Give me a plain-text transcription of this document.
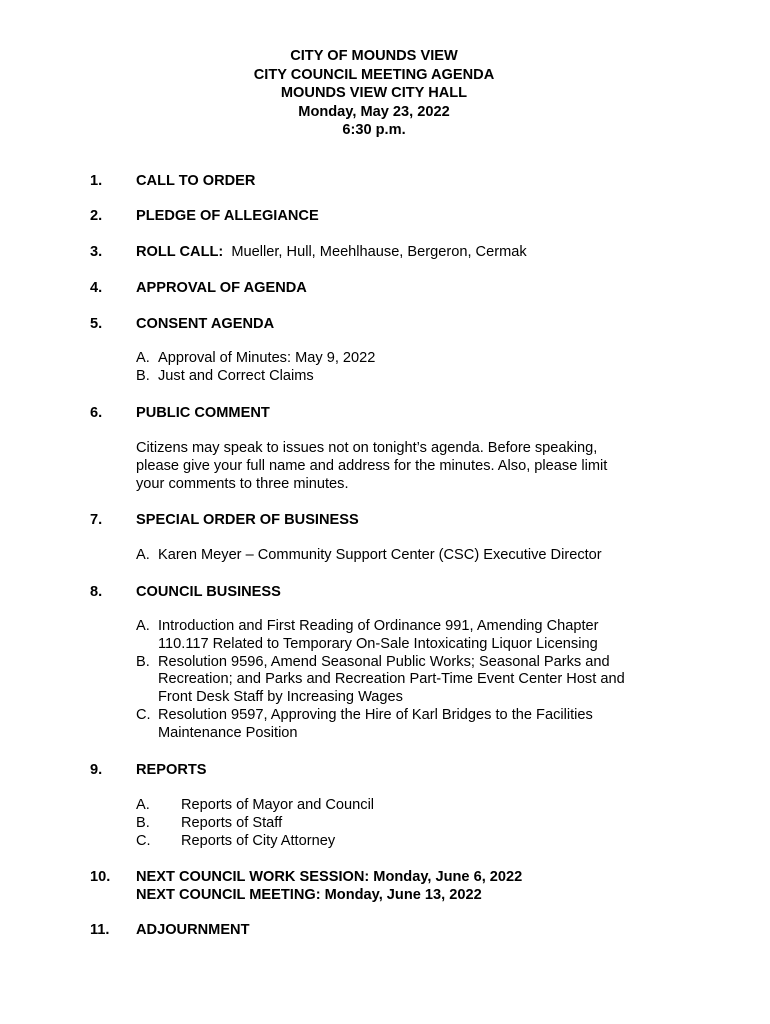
CITY OF MOUNDS VIEW
CITY COUNCIL MEETING AGENDA
MOUNDS VIEW CITY HALL
Monday, May 23, 2022
6:30 p.m.
1. CALL TO ORDER
2. PLEDGE OF ALLEGIANCE
3. ROLL CALL: Mueller, Hull, Meehlhause, Bergeron, Cermak
4. APPROVAL OF AGENDA
5. CONSENT AGENDA
A. Approval of Minutes: May 9, 2022
B. Just and Correct Claims
6. PUBLIC COMMENT
Citizens may speak to issues not on tonight’s agenda. Before speaking,
please give your full name and address for the minutes. Also, please limit
your comments to three minutes.
7. SPECIAL ORDER OF BUSINESS
A. Karen Meyer – Community Support Center (CSC) Executive Director
8. COUNCIL BUSINESS
A. Introduction and First Reading of Ordinance 991, Amending Chapter
110.117 Related to Temporary On-Sale Intoxicating Liquor Licensing
B. Resolution 9596, Amend Seasonal Public Works; Seasonal Parks and
Recreation; and Parks and Recreation Part-Time Event Center Host and
Front Desk Staff by Increasing Wages
C. Resolution 9597, Approving the Hire of Karl Bridges to the Facilities
Maintenance Position
9. REPORTS
A. Reports of Mayor and Council
B. Reports of Staff
C. Reports of City Attorney
10. NEXT COUNCIL WORK SESSION: Monday, June 6, 2022
NEXT COUNCIL MEETING: Monday, June 13, 2022
11. ADJOURNMENT
